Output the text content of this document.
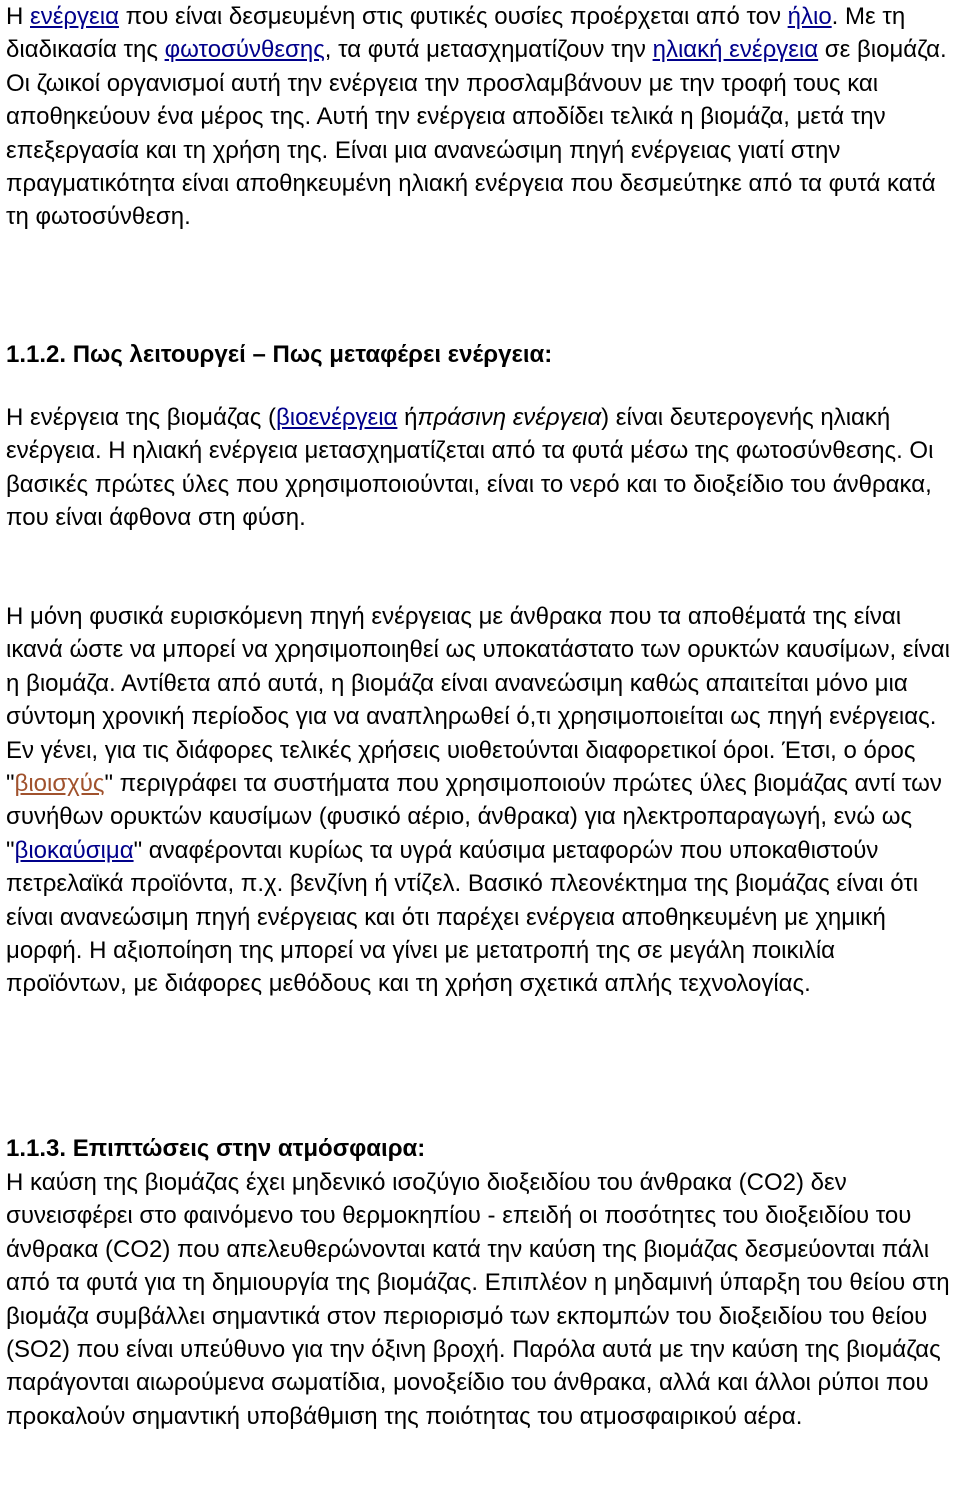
Η ενέργεια που είναι δεσμευμένη στις φυτικές ουσίες προέρχεται από τον ήλιο. Με τη διαδικασία της φωτοσύνθεσης, τα φυτά μετασχηματίζουν την ηλιακή ενέργεια σε βιομάζα. Οι ζωικοί οργανισμοί αυτή την ενέργεια την προσλαμβάνουν με την τροφή τους και αποθηκεύουν ένα μέρος της. Αυτή την ενέργεια αποδίδει τελικά η βιομάζα, μετά την επεξεργασία και τη χρήση της. Είναι μια ανανεώσιμη πηγή ενέργειας γιατί στην πραγματικότητα είναι αποθηκευμένη ηλιακή ενέργεια που δεσμεύτηκε από τα φυτά κατά τη φωτοσύνθεση.

1.1.2. Πως λειτουργεί – Πως μεταφέρει ενέργεια:

Η ενέργεια της βιομάζας (βιοενέργεια ήπράσινη ενέργεια) είναι δευτερογενής ηλιακή ενέργεια. Η ηλιακή ενέργεια μετασχηματίζεται από τα φυτά μέσω της φωτοσύνθεσης. Οι βασικές πρώτες ύλες που χρησιμοποιούνται, είναι το νερό και το διοξείδιο του άνθρακα, που είναι άφθονα στη φύση.

Η μόνη φυσικά ευρισκόμενη πηγή ενέργειας με άνθρακα που τα αποθέματά της είναι ικανά ώστε να μπορεί να χρησιμοποιηθεί ως υποκατάστατο των ορυκτών καυσίμων, είναι η βιομάζα. Αντίθετα από αυτά, η βιομάζα είναι ανανεώσιμη καθώς απαιτείται μόνο μια σύντομη χρονική περίοδος για να αναπληρωθεί ό,τι χρησιμοποιείται ως πηγή ενέργειας. Εν γένει, για τις διάφορες τελικές χρήσεις υιοθετούνται διαφορετικοί όροι. Έτσι, ο όρος "βιοισχύς" περιγράφει τα συστήματα που χρησιμοποιούν πρώτες ύλες βιομάζας αντί των συνήθων ορυκτών καυσίμων (φυσικό αέριο, άνθρακα) για ηλεκτροπαραγωγή, ενώ ως "βιοκαύσιμα" αναφέρονται κυρίως τα υγρά καύσιμα μεταφορών που υποκαθιστούν πετρελαϊκά προϊόντα, π.χ. βενζίνη ή ντίζελ. Βασικό πλεονέκτημα της βιομάζας είναι ότι είναι ανανεώσιμη πηγή ενέργειας και ότι παρέχει ενέργεια αποθηκευμένη με χημική μορφή. Η αξιοποίηση της μπορεί να γίνει με μετατροπή της σε μεγάλη ποικιλία προϊόντων, με διάφορες μεθόδους και τη χρήση σχετικά απλής τεχνολογίας.

1.1.3. Επιπτώσεις στην ατμόσφαιρα:

Η καύση της βιομάζας έχει μηδενικό ισοζύγιο διοξειδίου του άνθρακα (CO2) δεν συνεισφέρει στο φαινόμενο του θερμοκηπίου - επειδή οι ποσότητες του διοξειδίου του άνθρακα (CO2) που απελευθερώνονται κατά την καύση της βιομάζας δεσμεύονται πάλι από τα φυτά για τη δημιουργία της βιομάζας. Επιπλέον η μηδαμινή ύπαρξη του θείου στη βιομάζα συμβάλλει σημαντικά στον περιορισμό των εκπομπών του διοξειδίου του θείου (SO2) που είναι υπεύθυνο για την όξινη βροχή. Παρόλα αυτά με την καύση της βιομάζας παράγονται αιωρούμενα σωματίδια, μονοξείδιο του άνθρακα, αλλά και άλλοι ρύποι που προκαλούν σημαντική υποβάθμιση της ποιότητας του ατμοσφαιρικού αέρα.
